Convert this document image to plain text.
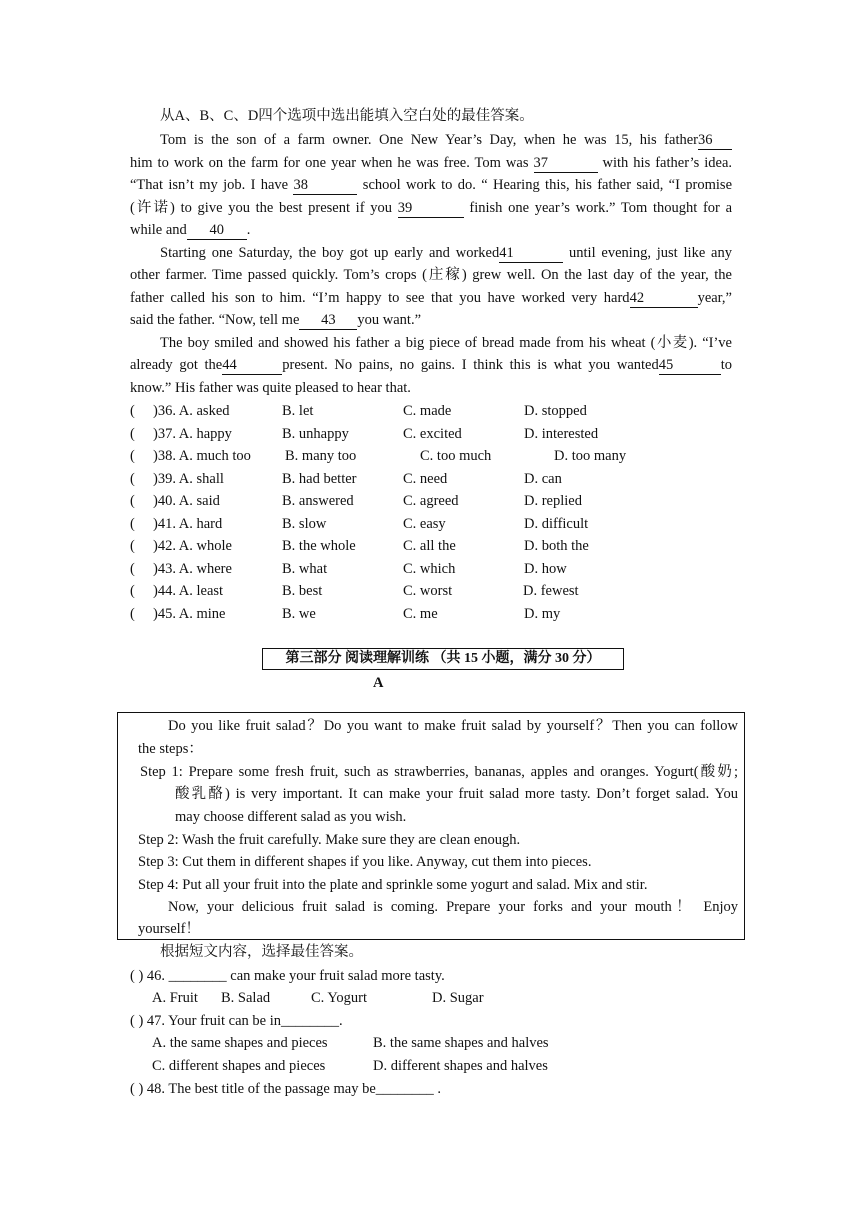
从A、B、C、D四个选项中选出能填入空白处的最佳答案。
Tom is the son of a farm owner. One New Year’s Day, when he was 15, his father36
him to work on the farm for one year when he was free. Tom was 37	with his father’s idea.
“That isn’t my job. I have 38	school work to do. “ Hearing this, his father said, “I promise
(许诺) to give you the best present if you 39	finish one year’s work.” Tom thought for a
while and 40 .
Starting one Saturday, the boy got up early and worked41	until evening, just like any
other farmer. Time passed quickly. Tom’s crops (庄稼) grew well. On the last day of the year, the
father called his son to him. “I’m happy to see that you have worked very hard42	year,”
said the father. “Now, tell me 43 you want.”
The boy smiled and showed his father a big piece of bread made from his wheat (小麦). “I’ve
already got the44	present. No pains, no gains. I think this is what you wanted45	to
know.” His father was quite pleased to hear that.
( )36. A. asked	B. let	C. made	D. stopped
( )37. A. happy	B. unhappy	C. excited	D. interested
( )38. A. much too B. many too	C. too much	D. too many
( )39. A. shall	B. had better	C. need	D. can
( )40. A. said	B. answered	C. agreed	D. replied
( )41. A. hard	B. slow	C. easy	D. difficult
( )42. A. whole	B. the whole	C. all the	D. both the
( )43. A. where	B. what	C. which	D. how
( )44. A. least	B. best	C. worst	D. fewest
( )45. A. mine	B. we	C. me	D. my
第三部分 阅读理解训练 （共 15 小题，满分 30 分）
A
Do you like fruit salad？Do you want to make fruit salad by yourself？Then you can follow
the steps：
Step 1: Prepare some fresh fruit, such as strawberries, bananas, apples and oranges. Yogurt(酸奶;
酸乳酪) is very important. It can make your fruit salad more tasty. Don’t forget salad. You
may choose different salad as you wish.
Step 2: Wash the fruit carefully. Make sure they are clean enough.
Step 3: Cut them in different shapes if you like. Anyway, cut them into pieces.
Step 4: Put all your fruit into the plate and sprinkle some yogurt and salad. Mix and stir.
Now, your delicious fruit salad is coming. Prepare your forks and your mouth！ Enjoy
yourself！
根据短文内容，选择最佳答案。
( ) 46. ________ can make your fruit salad more tasty.
A. Fruit B. Salad	C. Yogurt	D. Sugar
( ) 47. Your fruit can be in________.
A. the same shapes and pieces	B. the same shapes and halves
C. different shapes and pieces	D. different shapes and halves
( ) 48. The best title of the passage may be________ .
